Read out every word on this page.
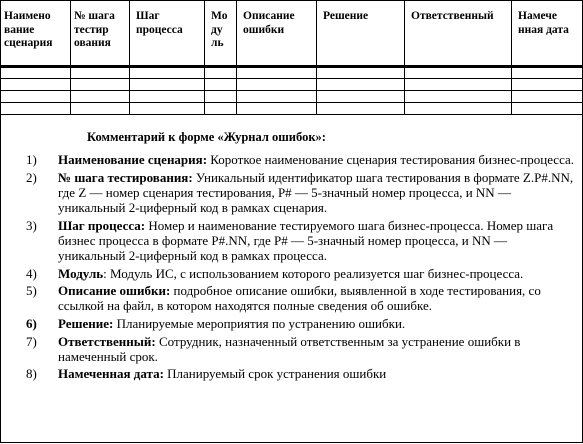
Наимено вание сценария	№ шага тестир ования	Шаг процесса	Мо ду ль	Описание ошибки	Решение	Ответственный	Намече нная дата

Комментарий к форме «Журнал ошибок»:
1) Наименование сценария: Короткое наименование сценария тестирования бизнес-процесса.
2) № шага тестирования: Уникальный идентификатор шага тестирования в формате Z.P#.NN, где Z — номер сценария тестирования, P# — 5-значный номер процесса, и NN — уникальный 2-циферный код в рамках сценария.
3) Шаг процесса: Номер и наименование тестируемого шага бизнес-процесса. Номер шага бизнес процесса в формате P#.NN, где P# — 5-значный номер процесса, и NN — уникальный 2-циферный код в рамках процесса.
4) Модуль: Модуль ИС, с использованием которого реализуется шаг бизнес-процесса.
5) Описание ошибки: подробное описание ошибки, выявленной в ходе тестирования, со ссылкой на файл, в котором находятся полные сведения об ошибке.
6) Решение: Планируемые мероприятия по устранению ошибки.
7) Ответственный: Сотрудник, назначенный ответственным за устранение ошибки в намеченный срок.
8) Намеченная дата: Планируемый срок устранения ошибки
